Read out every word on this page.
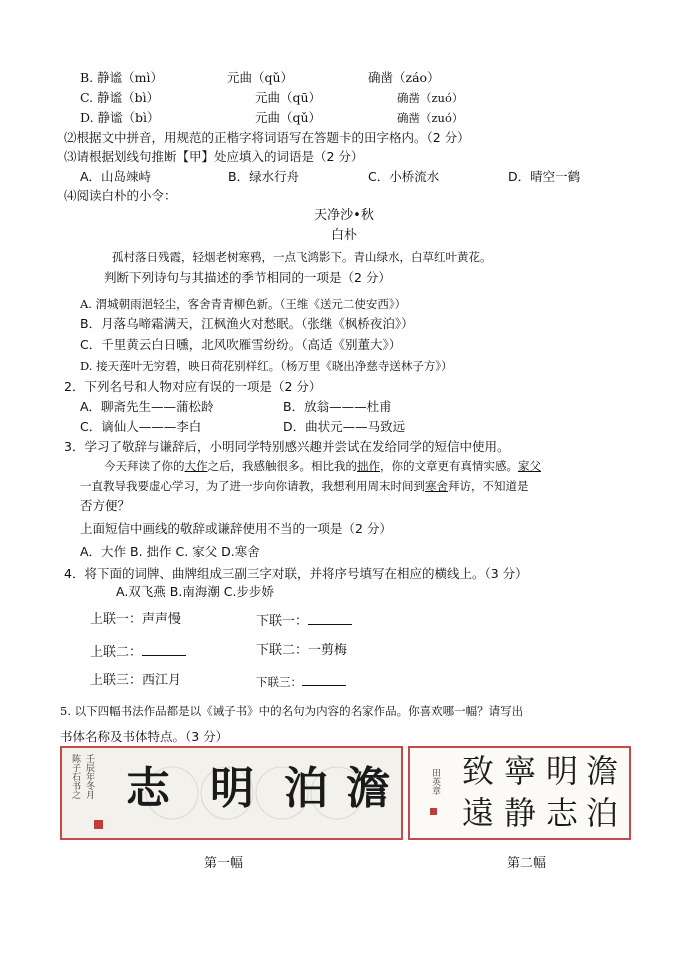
B. 静谧（mì）	元曲（qǔ）	确凿（záo）
C. 静谧（bì）	元曲（qū）	确凿（zuó）
D. 静谧（bì）	元曲（qǔ）	确凿（zuó）
⑵根据文中拼音，用规范的正楷字将词语写在答题卡的田字格内。（2 分）
⑶请根据划线句推断【甲】处应填入的词语是（2 分）
A．山岛竦峙	B．绿水行舟	C．小桥流水	D．晴空一鹤
⑷阅读白朴的小令：
天净沙•秋
白朴
孤村落日残霞，轻烟老树寒鸦，一点飞鸿影下。青山绿水，白草红叶黄花。
判断下列诗句与其描述的季节相同的一项是（2 分）
A. 渭城朝雨浥轻尘，客舍青青柳色新。（王维《送元二使安西》）
B．月落乌啼霜满天，江枫渔火对愁眠。（张继《枫桥夜泊》）
C．千里黄云白日曛，北风吹雁雪纷纷。（高适《别董大》）
D. 接天莲叶无穷碧，映日荷花别样红。（杨万里《晓出净慈寺送林子方》）
2．下列名号和人物对应有误的一项是（2 分）
A．聊斋先生——蒲松龄	B．放翁———杜甫
C．谪仙人———李白	D．曲状元——马致远
3．学习了敬辞与谦辞后，小明同学特别感兴趣并尝试在发给同学的短信中使用。
今天拜读了你的大作之后，我感触很多。相比我的拙作，你的文章更有真情实感。家父
一直教导我要虚心学习，为了进一步向你请教，我想利用周末时间到寒舍拜访，不知道是
否方便？
上面短信中画线的敬辞或谦辞使用不当的一项是（2 分）
A．大作 B. 拙作 C. 家父 D.寒舍
4．将下面的词牌、曲牌组成三副三字对联，并将序号填写在相应的横线上。（3 分）
A.双飞燕 B.南海潮 C.步步娇
上联一：声声慢	下联一：
上联二：	下联二：一剪梅
上联三：西江月	下联三：
5. 以下四幅书法作品都是以《诫子书》中的名句为内容的名家作品。你喜欢哪一幅？请写出
书体名称及书体特点。（3 分）
陈子石书之 壬辰年冬月 志 明 泊 澹	田英章 致 寧 明 澹
遠 静 志 泊
第一幅	第二幅
